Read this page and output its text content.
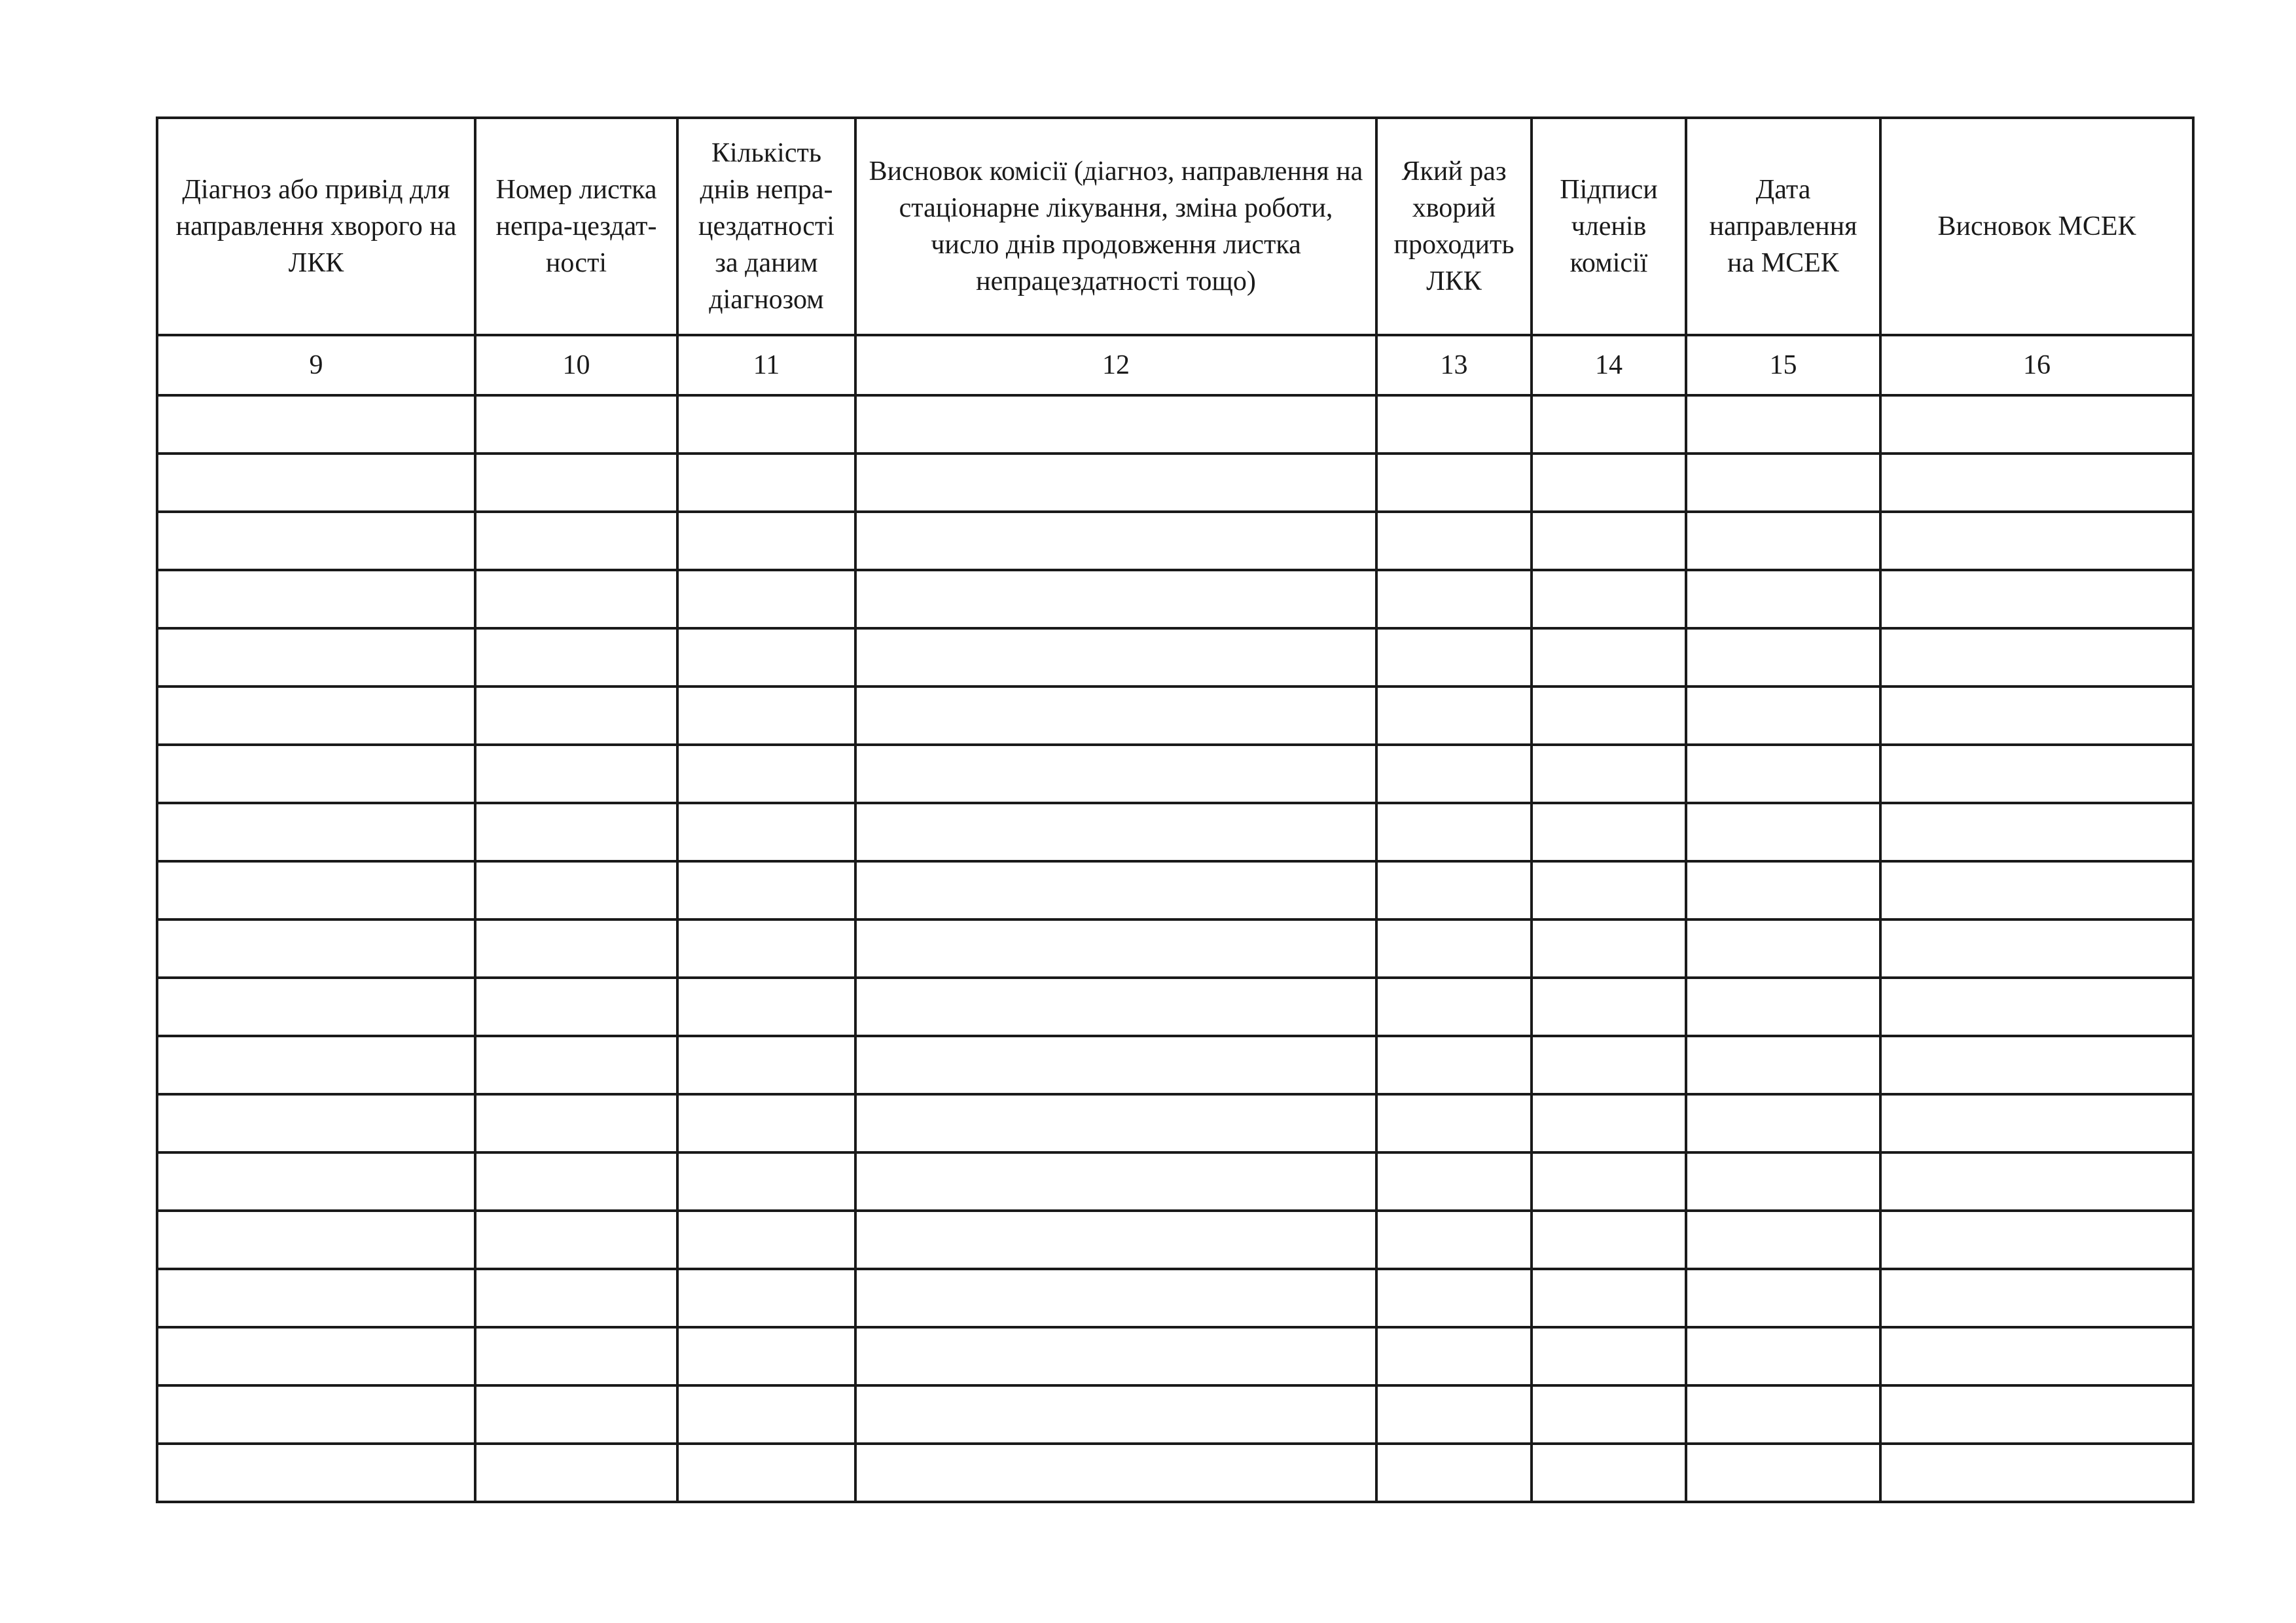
Діагноз або привід для направлення хворого на ЛКК	Номер листка непра-цездат-ності	Кількість днів непра-цездатності за даним діагнозом	Висновок комісії (діагноз, направлення на стаціонарне лікування, зміна роботи, число днів продовження листка непрацездатності тощо)	Який раз хворий проходить ЛКК	Підписи членів комісії	Дата направлення на МСЕК	Висновок МСЕК
9	10	11	12	13	14	15	16
